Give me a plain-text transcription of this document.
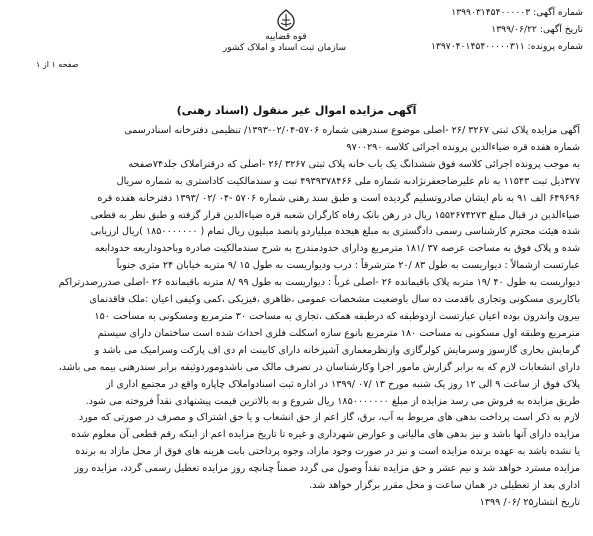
شماره آگهی: ۱۳۹۹۰۳۱۴۵۴۰۰۰۰۰۳
تاریخ آگهی: ۱۳۹۹/۰۶/۲۲
شماره پرونده: ۱۳۹۷۰۴۰۱۴۵۴۰۰۰۰۰۳۱۱
قوه قضاییه
سازمان ثبت اسناد و املاک کشور
صفحه ۱ از ۱
آگهی مزایده اموال غیر منقول (اسناد رهنی)
آگهی مزایده پلاک ثبتی ۳۲۶۷ /۲۶ -اصلی موضوع سندرهنی شماره ۵۷۰۶-۰۲/۰۴-۱۳۹۳/ تنظیمی دفترخانه اسنادرسمی
شماره هفده قره ضیاءالدین پرونده اجرائی کلاسه ۹۷۰۰۲۹۰
به موجب پرونده اجرائی کلاسه فوق ششدانگ یک باب خانه پلاک ثبتی ۳۲۶۷ /۲۶ -اصلی که درقتراملاک جلد۷۴صفحه
۳۷۷ذیل ثبت ۱۱۵۴۳ به نام علیرضاجعفرنژادبه شماره ملی ۴۹۳۹۳۷۸۴۶۶ تبت و سندمالکیت کاداستری به شماره سریال
۶۴۹۶۹۶ الف ۹۱ به نام ایشان صادروتسلیم گردیده است و طبق سند رهنی شماره ۵۷۰۶ -۰۴ /۰۲ /۱۳۹۳ دفترخانه هفده قره
ضیاءالدین در قبال مبلغ ۱۵۵۲۶۷۴۲۷۳ ریال در رهن بانک رفاه کارگران شعبه قره ضیاءالدین قرار گرفته و طبق نظر به قطعی
شده هیئت محترم کارشناسی رسمی دادگستری به مبلغ هیجده میلیاردو پانصد میلیون ریال تمام ( ۱۸۵۰۰۰۰۰۰۰ )ریال ارزیابی
شده و پلاک فوق به مساحت عرصه ۳۷ /۱۸۱ مترمربع ودارای حدودمندرج به شرح سندمالکیت صادره وباحدوداربعه حدودابعه
عبارتست ازشمالاً : دیواریست به طول ۸۳ /۲۰ مترشرقاً : درب ودیواریست به طول ۱۵ /۹ متربه خیابان ۲۴ متری جنوباً
دیواریست به طول ۴۰ /۱۹ متربه پلاک باقیمانده ۲۶ -اصلی غرباً : دیواریست به طول ۹۹ /۸ متربه باقیمانده ۲۶ -اصلی صدررصدرتراکم
باکاربری مسکونی وتجاری باقدمت ده سال باوضعیت مشخصات عمومی ،ظاهری ،فیزیکی ،کمی وکیفی اعیان :ملک فاقدنمای
بیرون واندرون بوده اعیان عبارتست ازدوطبقه که درطبقه همکف ،تجاری به مساحت ۳۰ مترمربع ومسکونی به مساحت ۱۵۰
مترمربع وطبقه اول مسکونی به مساحت ۱۸۰ مترمربع بانوع سازه اسکلت فلزی احداث شده است ساختمان دارای سیستم
گرمایش بخاری گازسوز وسرمایش کولرگازی وازنظرمعماری آشپزخانه دارای کابینت ام دی اف پارکت وسرامیک می باشد و
دارای انشعابات لازم که به برابر گزارش مامور اجرا وکارشناسان در تصرف مالک می باشدوموردوثیقه برابر سندرهنی بیمه می باشد،
پلاک فوق از ساعت ۹ الی ۱۲ روز یک شنبه مورخ ۱۳ /۰۷ /۱۳۹۹ در اداره ثبت اسنادواملاک چاپاره واقع در مجتمع اداری از
طریق مزایده به فروش می رسد مزایده از مبلغ ۱۸۵۰۰۰۰۰۰۰ ریال شروع و به بالاترین قیمت پیشنهادی نقداً فروخته می شود.
لازم به ذکر است پرداخت بدهی های مربوط به آب، برق، گاز اعم از حق انشعاب و یا حق اشتراک و مصرف در صورتی که مورد
مزایده دارای آنها باشد و نیز بدهی های مالیاتی و عوارض شهرداری و غیره تا تاریخ مزایده اعم از اینکه رقم قطعی آن معلوم شده
یا نشده باشد به عهده برنده مزایده است و نیز در صورت وجود مازاد، وجوه پرداختی بابت هزینه های فوق از محل مازاد به برنده
مزایده مسترد خواهد شد و نیم عشر و حق مزایده نقداً وصول می گردد ضمناً چنانچه روز مزایده تعطیل رسمی گردد، مزایده روز
اداری بعد از تعطیلی در همان ساعت و محل مقرر برگزار خواهد شد.
تاریخ انتشار۲۵ /۰۶/ ۱۳۹۹
